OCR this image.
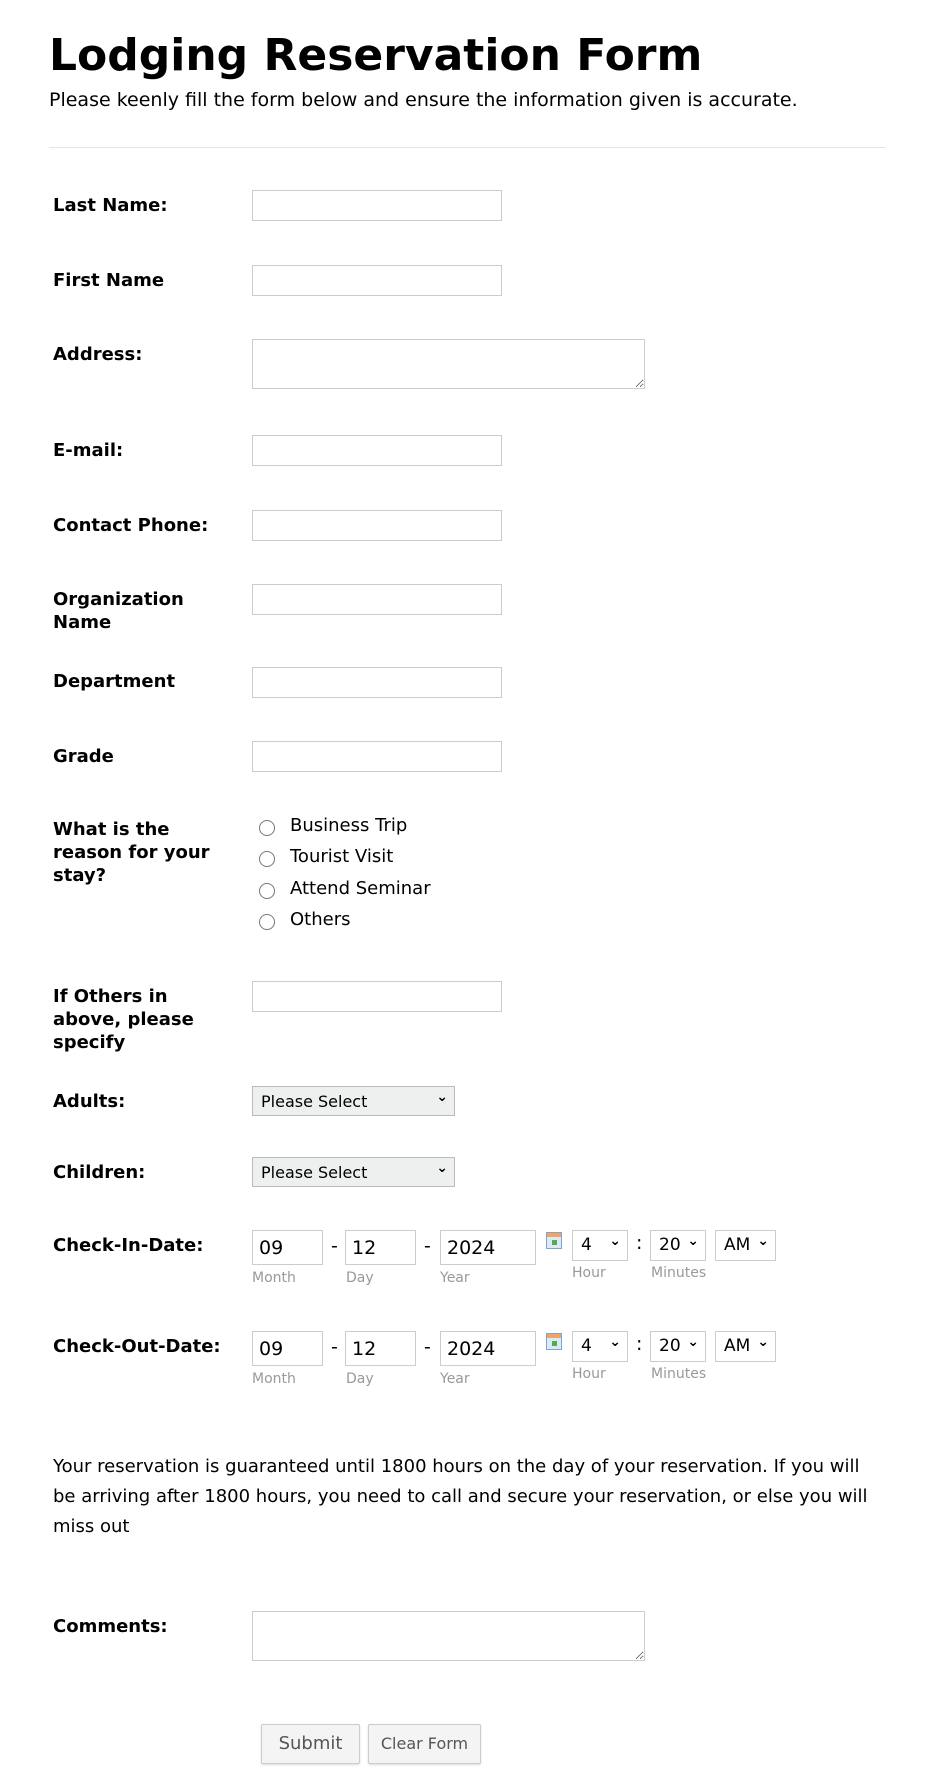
Lodging Reservation Form
Please keenly fill the form below and ensure the information given is accurate.
Last Name:
First Name
Address:
E-mail:
Contact Phone:
Organization Name
Department
Grade
What is the reason for your stay?
Business Trip
Tourist Visit
Attend Seminar
Others
If Others in above, please specify
Adults:	Please Select	⌄
Children:	Please Select	⌄
Check-In-Date:	09	- 12	- 2024	4 ⌄ : 20 ⌄	AM ⌄
Month	Day	Year	Hour	Minutes
Check-Out-Date:	09	- 12	- 2024	4 ⌄ : 20 ⌄	AM ⌄
Month	Day	Year	Hour	Minutes
Your reservation is guaranteed until 1800 hours on the day of your reservation. If you will be arriving after 1800 hours, you need to call and secure your reservation, or else you will miss out
Comments:
Submit	Clear Form
